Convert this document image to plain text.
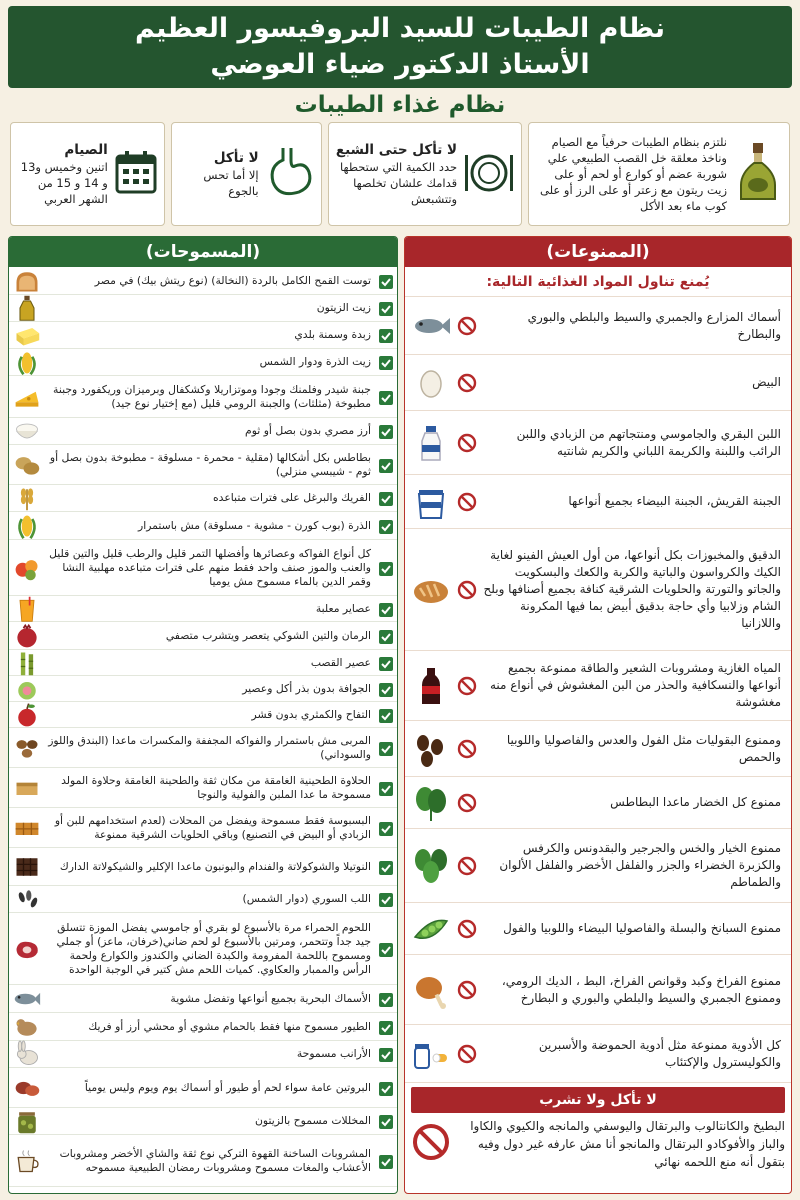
نظام الطيبات للسيد البروفيسور العظيم
الأستاذ الدكتور ضياء العوضي
نظام غذاء الطيبات
نلتزم بنظام الطيبات حرفياً مع الصيام وناخذ معلقة خل القصب الطبيعي علي شوربة عضم أو كوارع أو لحم أو على زيت ريتون مع زعتر أو على الرز أو على كوب ماء بعد الأكل
لا تأكل حتى الشبع
حدد الكمية التي ستحطها قدامك علشان تخلصها وتتشبعش
لا تأكل
إلا أما تحس بالجوع
الصيام
اتنين وخميس و13 و 14 و 15 من الشهر العربي
(الممنوعات)
يُمنع تناول المواد الغذائية التالية:
أسماك المزارع والجمبري والسيط والبلطي والبوري والبطارخ
البيض
اللبن البقري والجاموسي ومنتجاتهم من الزبادي واللبن الرائب واللبنة والكريمة اللباني والكريم شانتيه
الجبنة القريش، الجبنة البيضاء بجميع أنواعها
الدقيق والمخبوزات بكل أنواعها، من أول العيش الفينو لغاية الكيك والكرواسون والباتية والكربة والكعك والبسكويت والجاتو والتورتة والحلويات الشرقية كنافة بجميع أصنافها وبلح الشام وزلابيا وأي حاجة بدقيق أبيض بما فيها المكرونة واللازانيا
المياه الغازية ومشروبات الشعير والطاقة ممنوعة بجميع أنواعها والنسكافية والحذر من البن المغشوش في أنواع منه مغشوشة
وممنوع البقوليات مثل الفول والعدس والفاصوليا واللوبيا والحمص
ممنوع كل الخضار ماعدا البطاطس
ممنوع الخيار والخس والجرجير والبقدونس والكرفس والكزبرة الخضراء والجزر والفلفل الأخضر والفلفل الألوان والطماطم
ممنوع السبانخ والبسلة والفاصوليا البيضاء واللوبيا والفول
ممنوع الفراخ وكبد وقوانص الفراخ، البط ، الديك الرومي، وممنوع الجمبري والسيط والبلطي والبوري و البطارخ
كل الأدوية ممنوعة مثل أدوية الحموضة والأسبرين والكوليسترول والإكتئاب
لا تأكل ولا تشرب
البطيخ والكانتالوب والبرتقال واليوسفي والمانجه والكيوي والكاوا والباز والأفوكادو البرتقال والمانجو أنا مش عارفه غير دول وفيه بتقول أنه منع اللحمه نهائي
(المسموحات)
توست القمح الكامل بالردة (النخالة) (نوع ريتش بيك) في مصر
زيت الزيتون
زبدة وسمنة بلدي
زيت الذرة ودوار الشمس
جبنة شيدر وفلمنك وجودا وموتزاريلا وكشكفال وبرميزان وريكفورد وجبنة مطبوخة (مثلثات) والجبنة الرومي قليل (مع إختيار نوع جيد)
أرز مصري بدون بصل أو ثوم
بطاطس بكل أشكالها (مقلية - محمرة - مسلوقة - مطبوخة بدون بصل أو ثوم - شيبسي منزلي)
الفريك والبرغل على فترات متباعده
الذرة (بوب كورن - مشوية - مسلوقة) مش باستمرار
كل أنواع الفواكه وعصائرها وأفضلها التمر قليل والرطب قليل والتين قليل والعنب والموز صنف واحد فقط منهم على فترات متباعده مهلبية النشا وقمر الدين بالماء مسموح مش يوميا
عصاير معلبة
الرمان والتين الشوكي يتعصر ويتشرب متصفي
عصير القصب
الجوافة بدون بذر أكل وعصير
التفاح والكمثري بدون قشر
المربى مش باستمرار والفواكه المجففة والمكسرات ماعدا (البندق واللوز والسوداني)
الحلاوة الطحينية الغامقة من مكان ثقة والطحينة الغامقة وحلاوة المولد مسموحة ما عدا الملبن والفولية والنوجا
البسبوسة فقط مسموحة ويفضل من المحلات (لعدم استخدامهم للبن أو الزبادي أو البيض في التصنيع) وباقي الحلويات الشرقية ممنوعة
النوتيلا والشوكولاتة والفندام والبونبون ماعدا الإكلير والشيكولاتة الدارك
اللب السوري (دوار الشمس)
اللحوم الحمراء مرة بالأسبوع لو بقري أو جاموسي يفضل الموزة تتسلق جيد جداً وتتحمر، ومرتين بالأسبوع لو لحم ضاني(خرفان، ماعز) أو جملي ومسموح باللحمة المفرومة والكبدة الضاني والكندوز والكوارع ولحمة الرأس والممبار والعكاوي. كميات اللحم مش كتير في الوجبة الواحدة
الأسماك البحرية بجميع أنواعها وتفضل مشوية
الطيور مسموح منها فقط بالحمام مشوي أو محشي أرز أو فريك
الأرانب مسموحة
البروتين عامة سواء لحم أو طيور أو أسماك يوم ويوم وليس يومياً
المخللات مسموح بالزيتون
المشروبات الساخنة القهوة التركي نوع ثقة والشاي الأخضر ومشروبات الأعشاب والمغات مسموح ومشروبات رمضان الطبيعية مسموحه
